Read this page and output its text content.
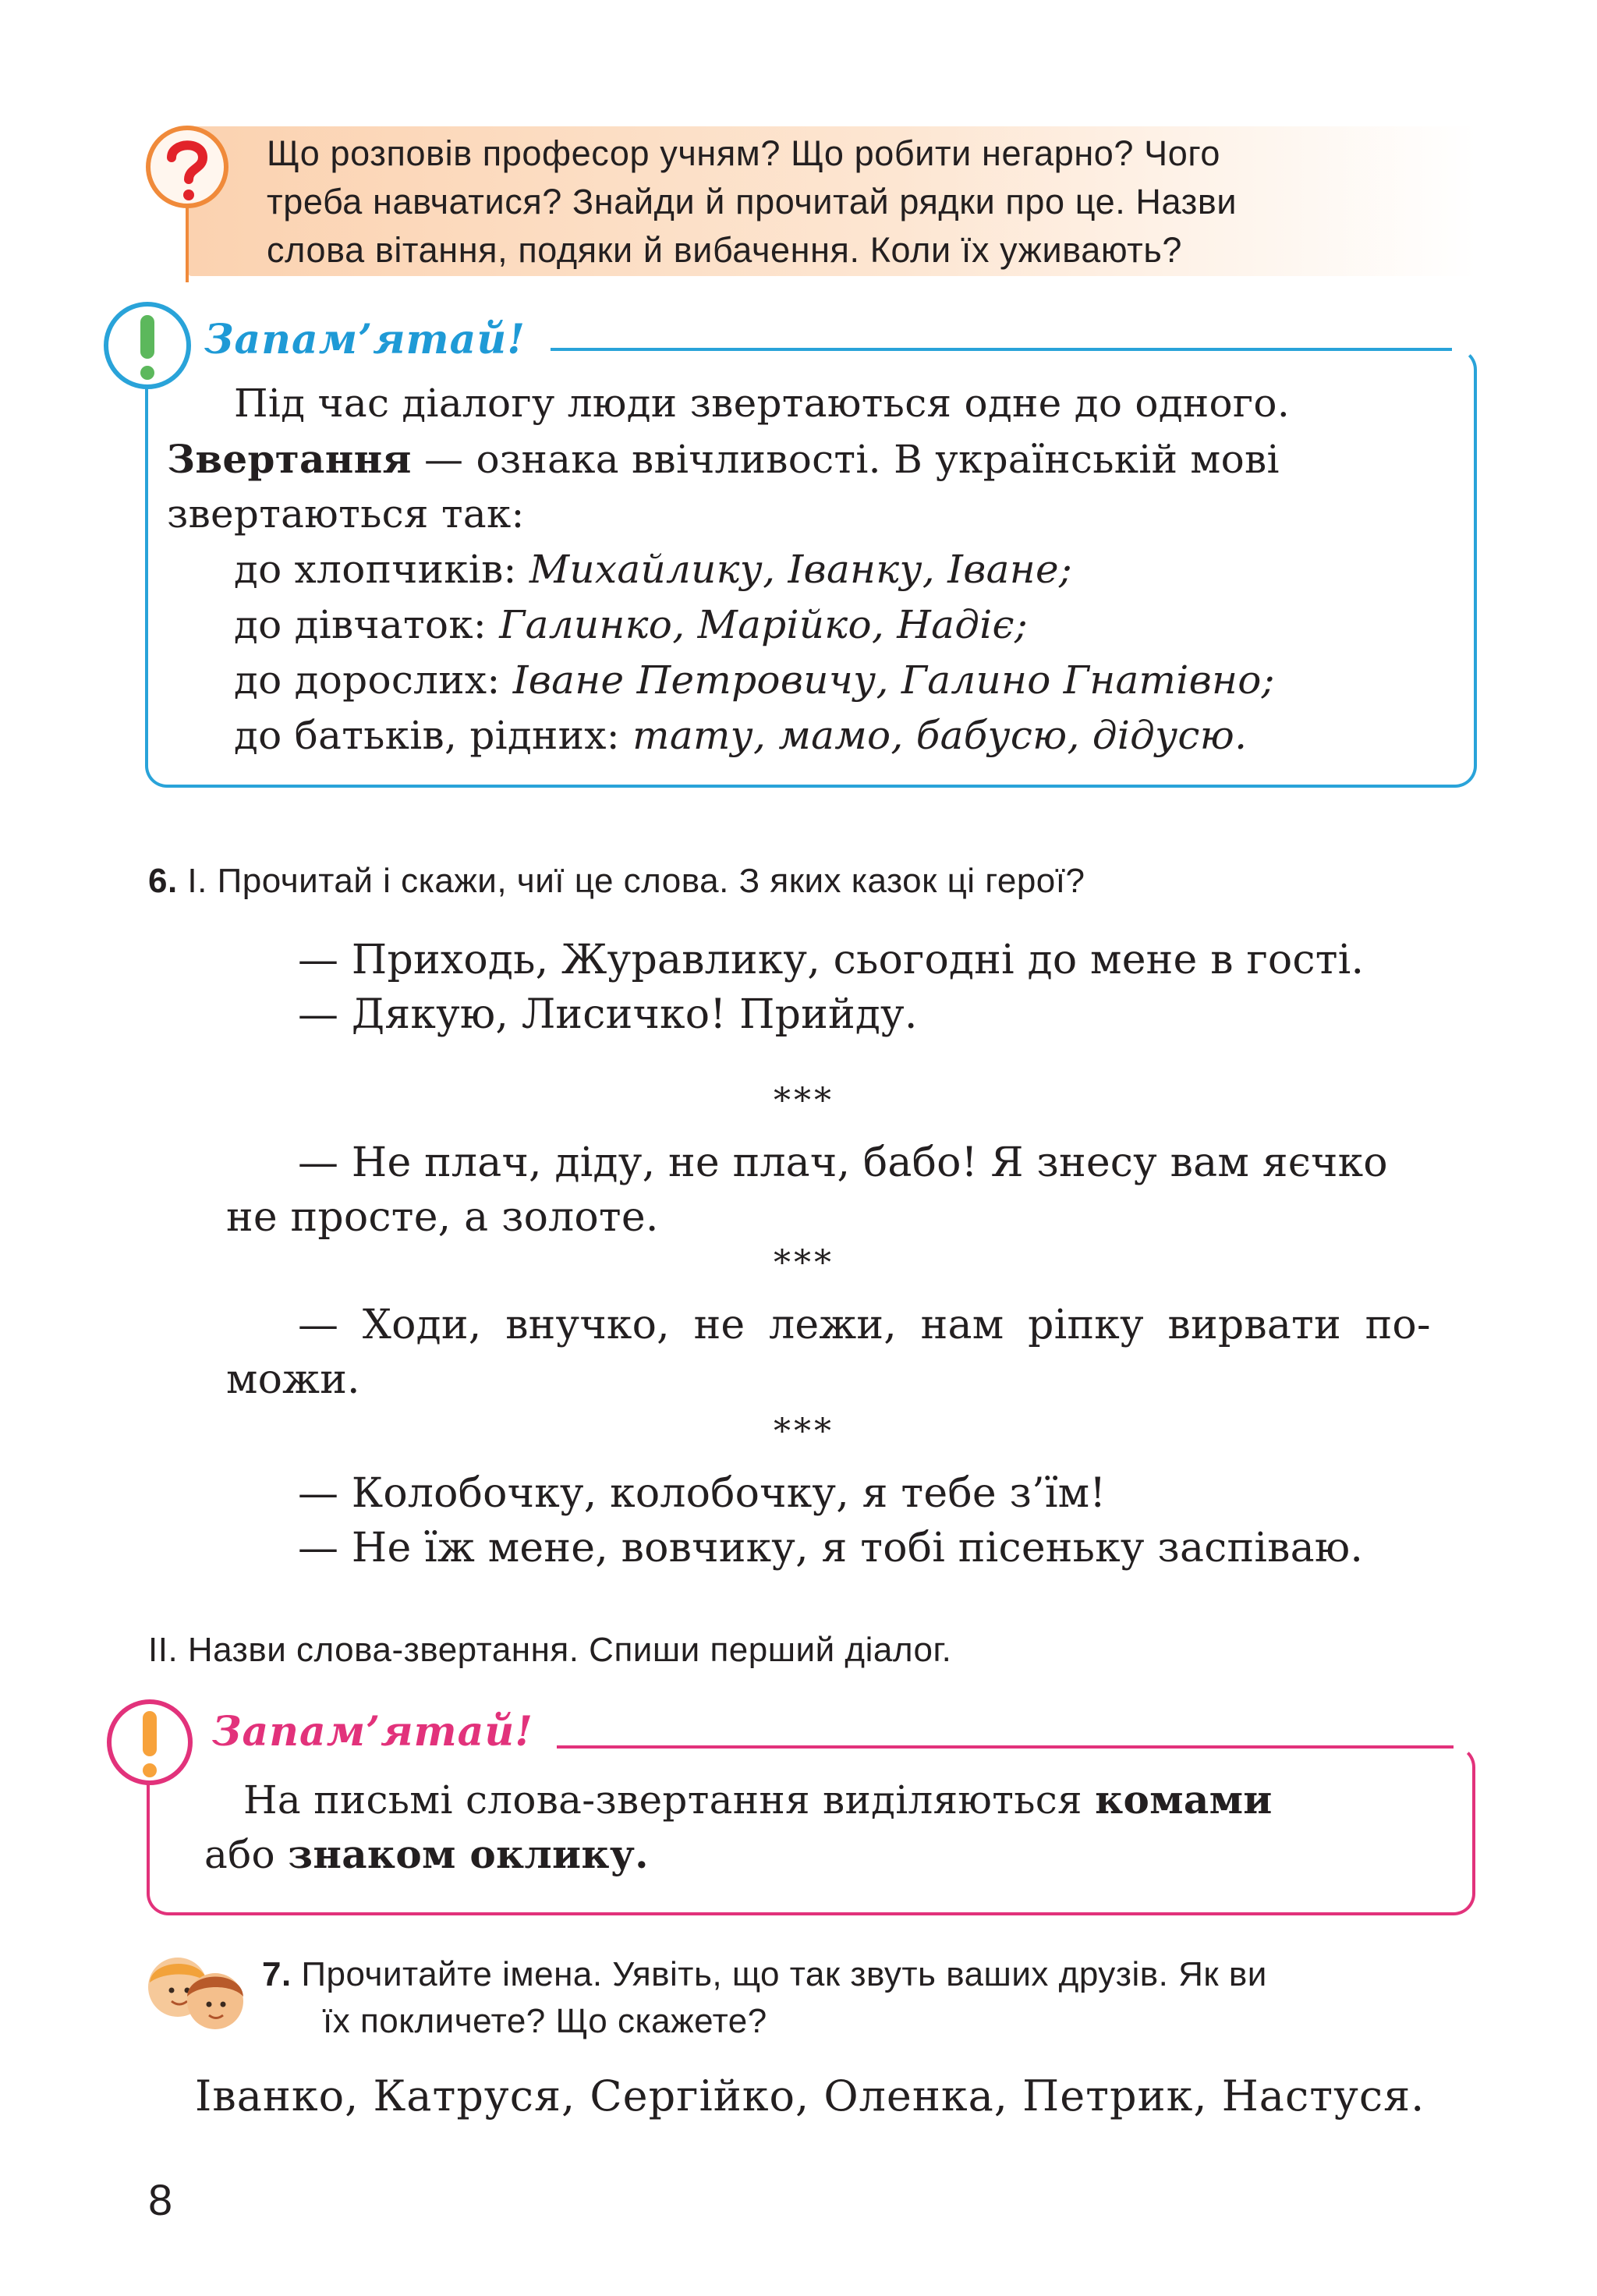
Що розповів професор учням? Що робити негарно? Чого
треба навчатися? Знайди й прочитай рядки про це. Назви
слова вітання, подяки й вибачення. Коли їх уживають?
Запам’ятай!
Під час діалогу люди звертаються одне до одного.
Звертання — ознака ввічливості. В українській мові
звертаються так:
до хлопчиків: Михайлику, Іванку, Іване;
до дівчаток: Галинко, Марійко, Надіє;
до дорослих: Іване Петровичу, Галино Гнатівно;
до батьків, рідних: тату, мамо, бабусю, дідусю.
6. І. Прочитай і скажи, чиї це слова. З яких казок ці герої?
— Приходь, Журавлику, сьогодні до мене в гості.
— Дякую, Лисичко! Прийду.
***
— Не плач, діду, не плач, бабо! Я знесу вам яєчко
не просте, а золоте.
***
— Ходи, внучко, не лежи, нам ріпку вирвати по-
можи.
***
— Колобочку, колобочку, я тебе з’їм!
— Не їж мене, вовчику, я тобі пісеньку заспіваю.
ІІ. Назви слова-звертання. Спиши перший діалог.
Запам’ятай!
На письмі слова-звертання виділяються комами
або знаком оклику.
7. Прочитайте імена. Уявіть, що так звуть ваших друзів. Як ви
їх покличете? Що скажете?
Іванко, Катруся, Сергійко, Оленка, Петрик, Настуся.
8
